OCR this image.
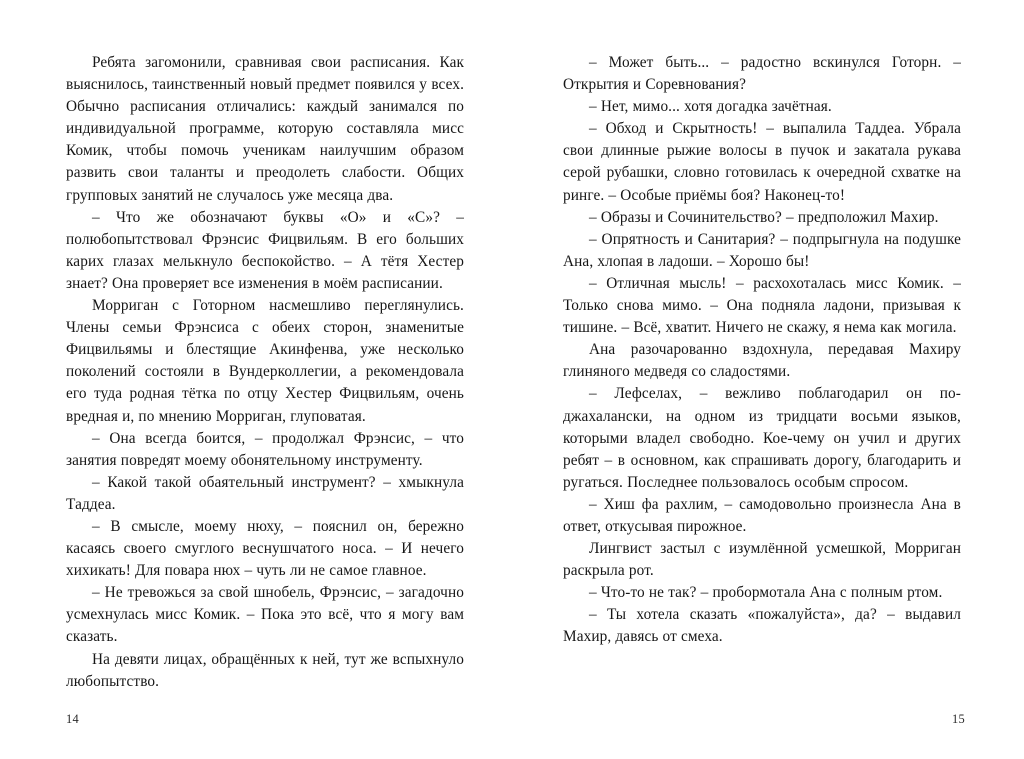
Ребята загомонили, сравнивая свои расписания. Как выяснилось, таинственный новый предмет появился у всех. Обычно расписания отличались: каждый занимался по индивидуальной программе, которую составляла мисс Комик, чтобы помочь ученикам наилучшим образом развить свои таланты и преодолеть слабости. Общих групповых занятий не случалось уже месяца два.

– Что же обозначают буквы «О» и «С»? – полюбопытствовал Фрэнсис Фицвильям. В его больших карих глазах мелькнуло беспокойство. – А тётя Хестер знает? Она проверяет все изменения в моём расписании.

Морриган с Готорном насмешливо переглянулись. Члены семьи Фрэнсиса с обеих сторон, знаменитые Фицвильямы и блестящие Акинфенва, уже несколько поколений состояли в Вундерколлегии, а рекомендовала его туда родная тётка по отцу Хестер Фицвильям, очень вредная и, по мнению Морриган, глуповатая.

– Она всегда боится, – продолжал Фрэнсис, – что занятия повредят моему обонятельному инструменту.

– Какой такой обаятельный инструмент? – хмыкнула Таддеа.

– В смысле, моему нюху, – пояснил он, бережно касаясь своего смуглого веснушчатого носа. – И нечего хихикать! Для повара нюх – чуть ли не самое главное.

– Не тревожься за свой шнобель, Фрэнсис, – загадочно усмехнулась мисс Комик. – Пока это всё, что я могу вам сказать.

На девяти лицах, обращённых к ней, тут же вспыхнуло любопытство.

14

– Может быть... – радостно вскинулся Готорн. – Открытия и Соревнования?

– Нет, мимо... хотя догадка зачётная.

– Обход и Скрытность! – выпалила Таддеа. Убрала свои длинные рыжие волосы в пучок и закатала рукава серой рубашки, словно готовилась к очередной схватке на ринге. – Особые приёмы боя? Наконец-то!

– Образы и Сочинительство? – предположил Махир.

– Опрятность и Санитария? – подпрыгнула на подушке Ана, хлопая в ладоши. – Хорошо бы!

– Отличная мысль! – расхохоталась мисс Комик. – Только снова мимо. – Она подняла ладони, призывая к тишине. – Всё, хватит. Ничего не скажу, я нема как могила.

Ана разочарованно вздохнула, передавая Махиру глиняного медведя со сладостями.

– Лефселах, – вежливо поблагодарил он по-джахалански, на одном из тридцати восьми языков, которыми владел свободно. Кое-чему он учил и других ребят – в основном, как спрашивать дорогу, благодарить и ругаться. Последнее пользовалось особым спросом.

– Хиш фа рахлим, – самодовольно произнесла Ана в ответ, откусывая пирожное.

Лингвист застыл с изумлённой усмешкой, Морриган раскрыла рот.

– Что-то не так? – пробормотала Ана с полным ртом.

– Ты хотела сказать «пожалуйста», да? – выдавил Махир, давясь от смеха.

15
